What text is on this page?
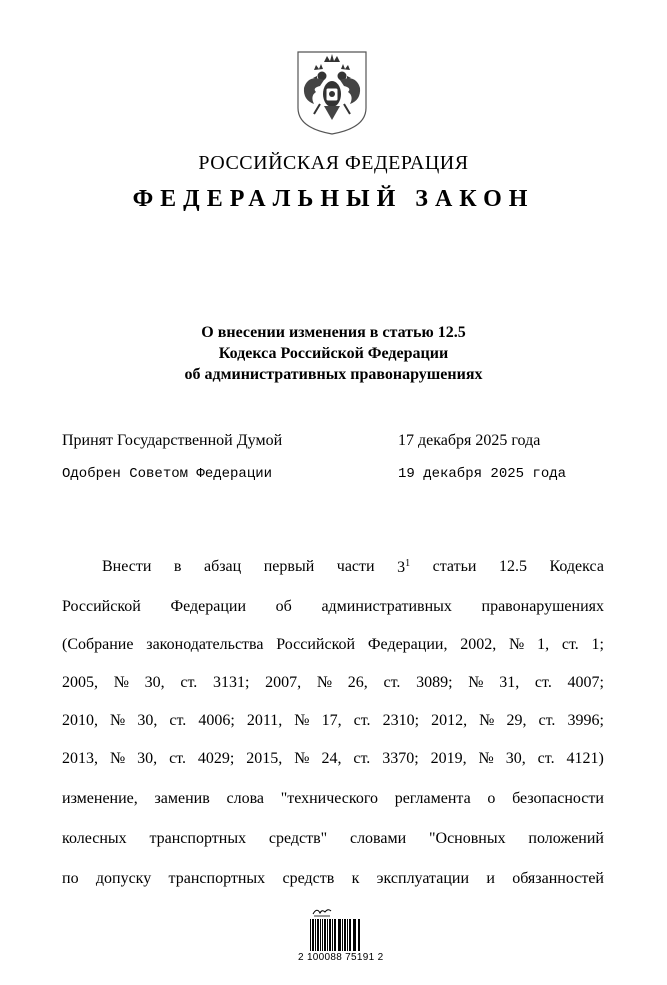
РОССИЙСКАЯ ФЕДЕРАЦИЯ
ФЕДЕРАЛЬНЫЙ ЗАКОН
О внесении изменения в статью 12.5
Кодекса Российской Федерации
об административных правонарушениях
Принят Государственной Думой	17 декабря 2025 года
Одобрен Советом Федерации	19 декабря 2025 года
Внести в абзац первый части $3^1$ статьи 12.5 Кодекса
Российской Федерации об административных правонарушениях
(Собрание законодательства Российской Федерации, 2002, № 1, ст. 1;
2005, № 30, ст. 3131; 2007, № 26, ст. 3089; № 31, ст. 4007;
2010, № 30, ст. 4006; 2011, № 17, ст. 2310; 2012, № 29, ст. 3996;
2013, № 30, ст. 4029; 2015, № 24, ст. 3370; 2019, № 30, ст. 4121)
изменение, заменив слова "технического регламента о безопасности
колесных транспортных средств" словами "Основных положений
по допуску транспортных средств к эксплуатации и обязанностей
2 100088 75191 2
